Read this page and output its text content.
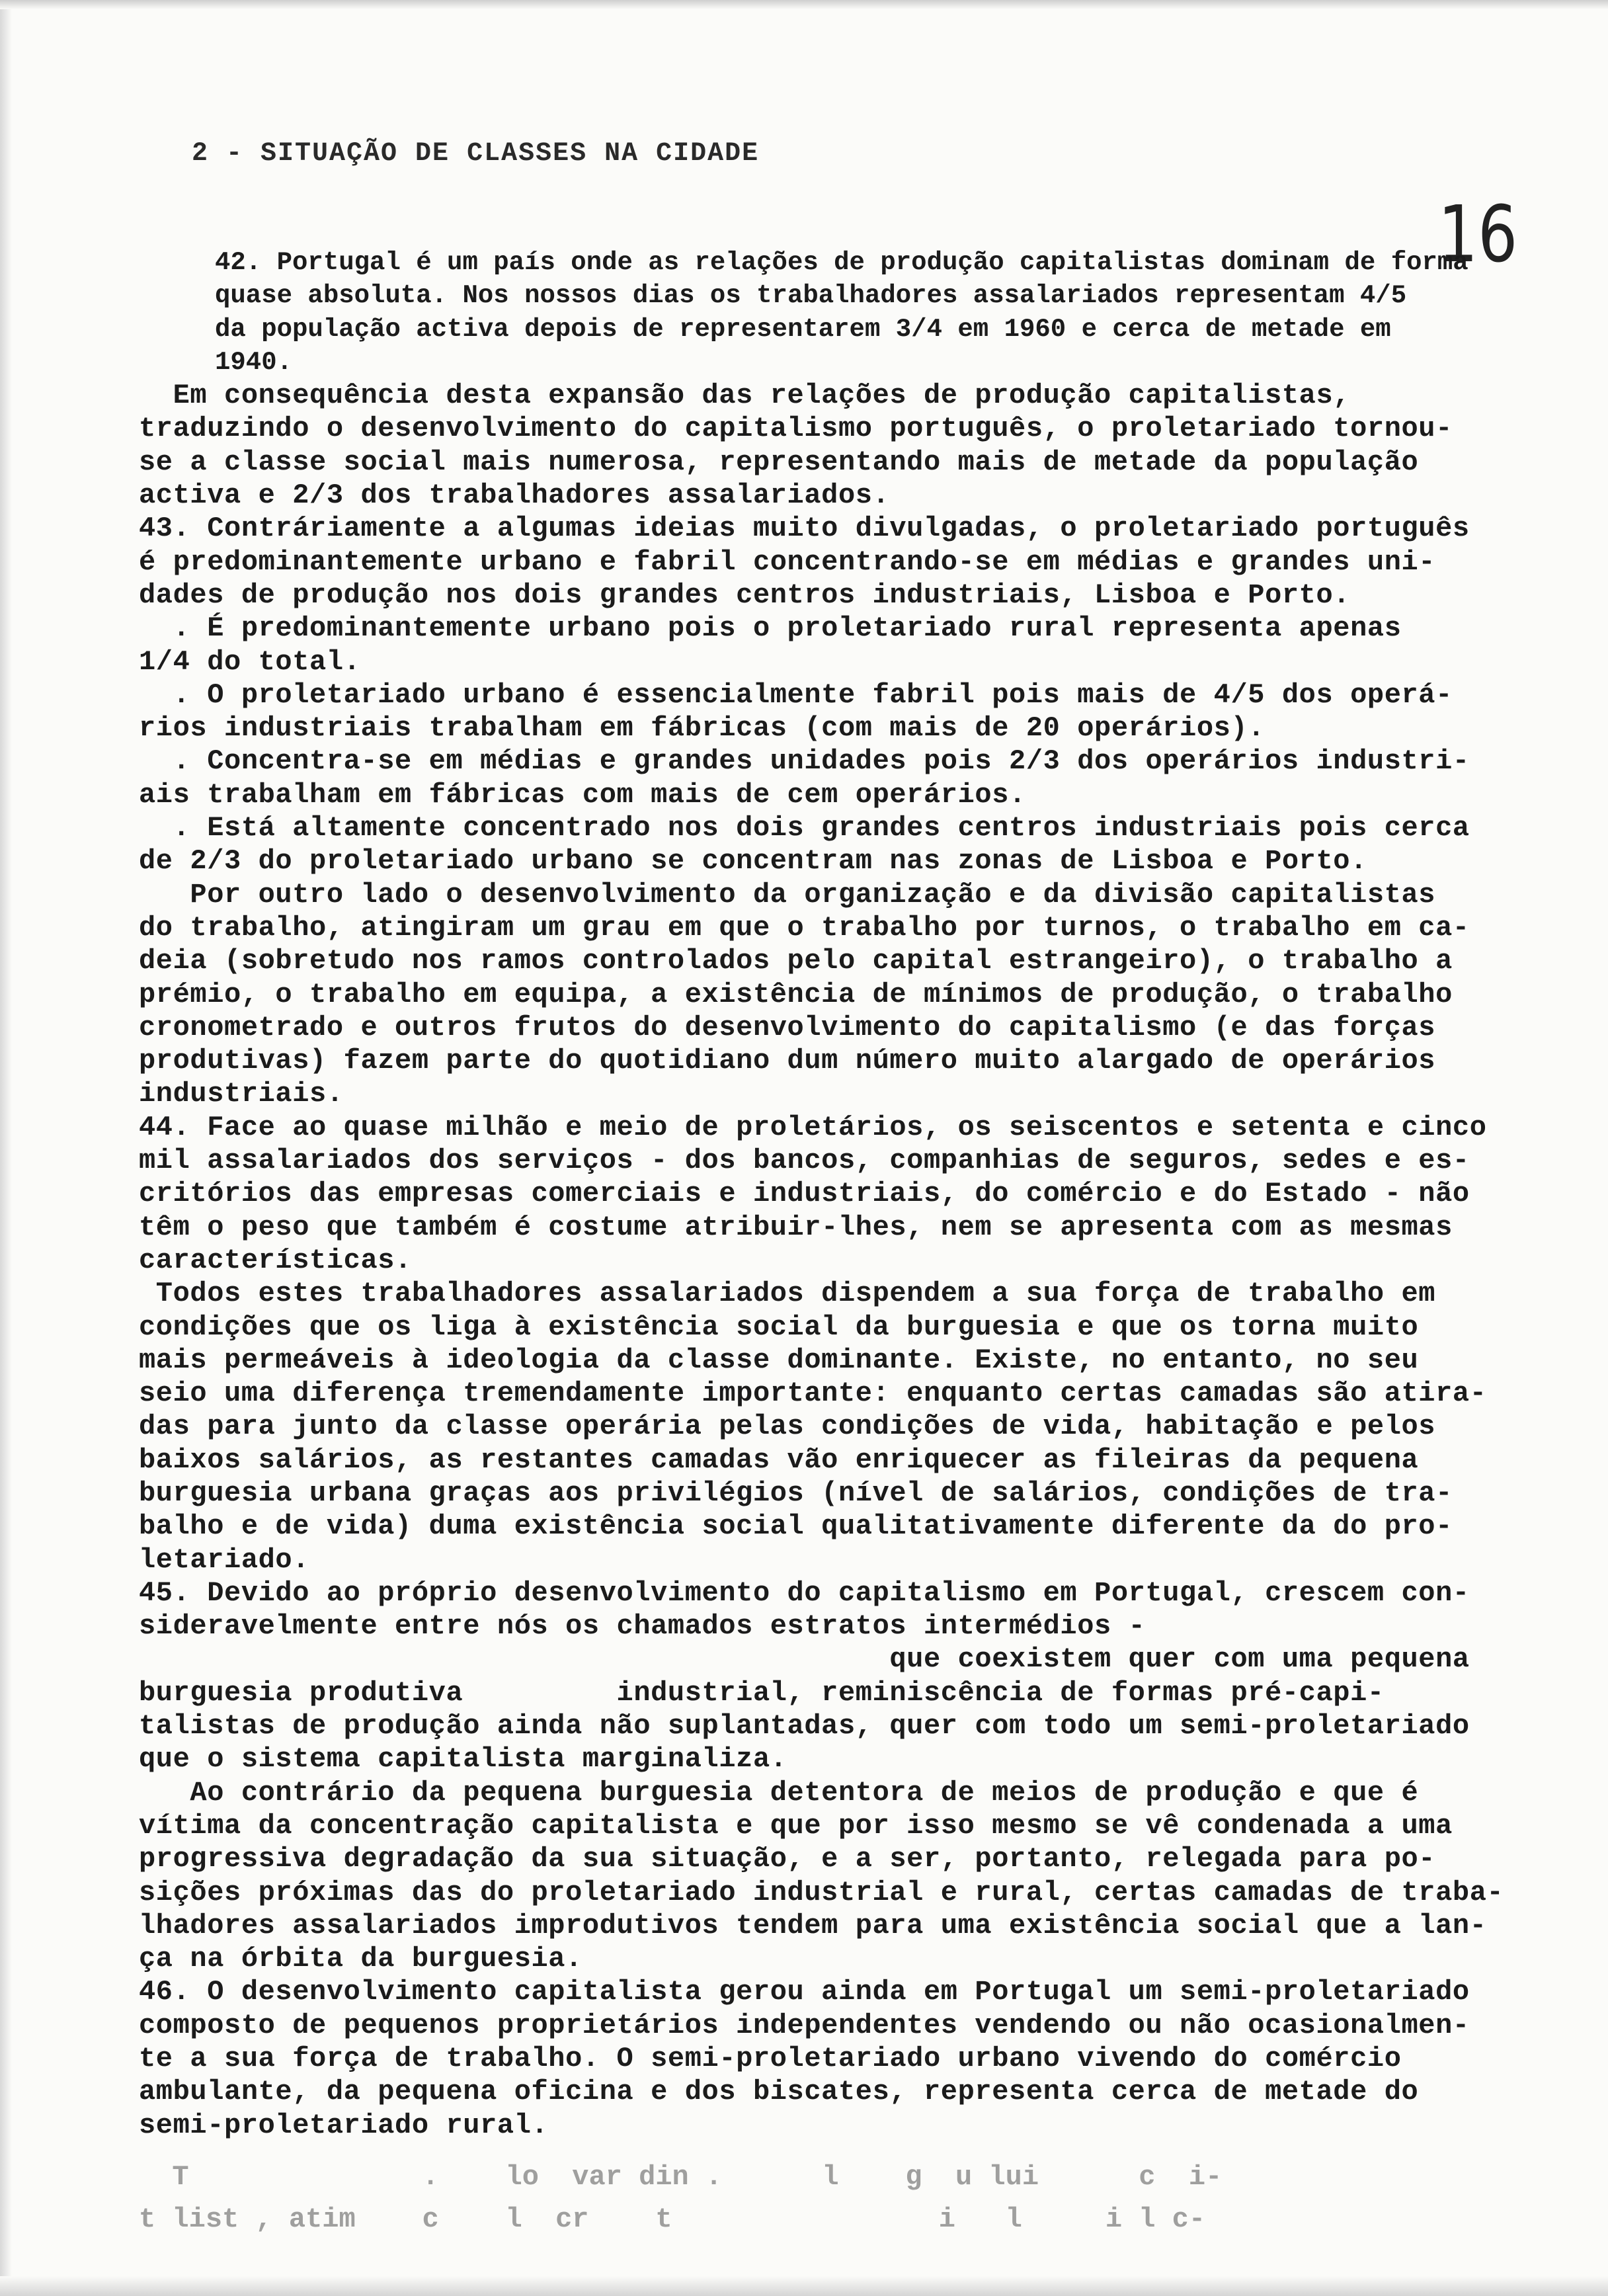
2 - SITUAÇÃO DE CLASSES NA CIDADE
16
42. Portugal é um país onde as relações de produção capitalistas dominam de forma
quase absoluta. Nos nossos dias os trabalhadores assalariados representam 4/5
da população activa depois de representarem 3/4 em 1960 e cerca de metade em
1940.
Em consequência desta expansão das relações de produção capitalistas,
traduzindo o desenvolvimento do capitalismo português, o proletariado tornou-
se a classe social mais numerosa, representando mais de metade da população
activa e 2/3 dos trabalhadores assalariados.
43. Contráriamente a algumas ideias muito divulgadas, o proletariado português
é predominantemente urbano e fabril concentrando-se em médias e grandes uni-
dades de produção nos dois grandes centros industriais, Lisboa e Porto.
. É predominantemente urbano pois o proletariado rural representa apenas
1/4 do total.
. O proletariado urbano é essencialmente fabril pois mais de 4/5 dos operá-
rios industriais trabalham em fábricas (com mais de 20 operários).
. Concentra-se em médias e grandes unidades pois 2/3 dos operários industri-
ais trabalham em fábricas com mais de cem operários.
. Está altamente concentrado nos dois grandes centros industriais pois cerca
de 2/3 do proletariado urbano se concentram nas zonas de Lisboa e Porto.
Por outro lado o desenvolvimento da organização e da divisão capitalistas
do trabalho, atingiram um grau em que o trabalho por turnos, o trabalho em ca-
deia (sobretudo nos ramos controlados pelo capital estrangeiro), o trabalho a
prémio, o trabalho em equipa, a existência de mínimos de produção, o trabalho
cronometrado e outros frutos do desenvolvimento do capitalismo (e das forças
produtivas) fazem parte do quotidiano dum número muito alargado de operários
industriais.
44. Face ao quase milhão e meio de proletários, os seiscentos e setenta e cinco
mil assalariados dos serviços - dos bancos, companhias de seguros, sedes e es-
critórios das empresas comerciais e industriais, do comércio e do Estado - não
têm o peso que também é costume atribuir-lhes, nem se apresenta com as mesmas
características.
Todos estes trabalhadores assalariados dispendem a sua força de trabalho em
condições que os liga à existência social da burguesia e que os torna muito
mais permeáveis à ideologia da classe dominante. Existe, no entanto, no seu
seio uma diferença tremendamente importante: enquanto certas camadas são atira-
das para junto da classe operária pelas condições de vida, habitação e pelos
baixos salários, as restantes camadas vão enriquecer as fileiras da pequena
burguesia urbana graças aos privilégios (nível de salários, condições de tra-
balho e de vida) duma existência social qualitativamente diferente da do pro-
letariado.
45. Devido ao próprio desenvolvimento do capitalismo em Portugal, crescem con-
sideravelmente entre nós os chamados estratos intermédios -
que coexistem quer com uma pequena
burguesia produtiva         industrial, reminiscência de formas pré-capi-
talistas de produção ainda não suplantadas, quer com todo um semi-proletariado
que o sistema capitalista marginaliza.
Ao contrário da pequena burguesia detentora de meios de produção e que é
vítima da concentração capitalista e que por isso mesmo se vê condenada a uma
progressiva degradação da sua situação, e a ser, portanto, relegada para po-
sições próximas das do proletariado industrial e rural, certas camadas de traba-
lhadores assalariados improdutivos tendem para uma existência social que a lan-
ça na órbita da burguesia.
46. O desenvolvimento capitalista gerou ainda em Portugal um semi-proletariado
composto de pequenos proprietários independentes vendendo ou não ocasionalmen-
te a sua força de trabalho. O semi-proletariado urbano vivendo do comércio
ambulante, da pequena oficina e dos biscates, representa cerca de metade do
semi-proletariado rural.
T              .    lo  var din .      l    g  u lui      c  i-
t list , atim    c    l  cr    t                i   l     i l c-
